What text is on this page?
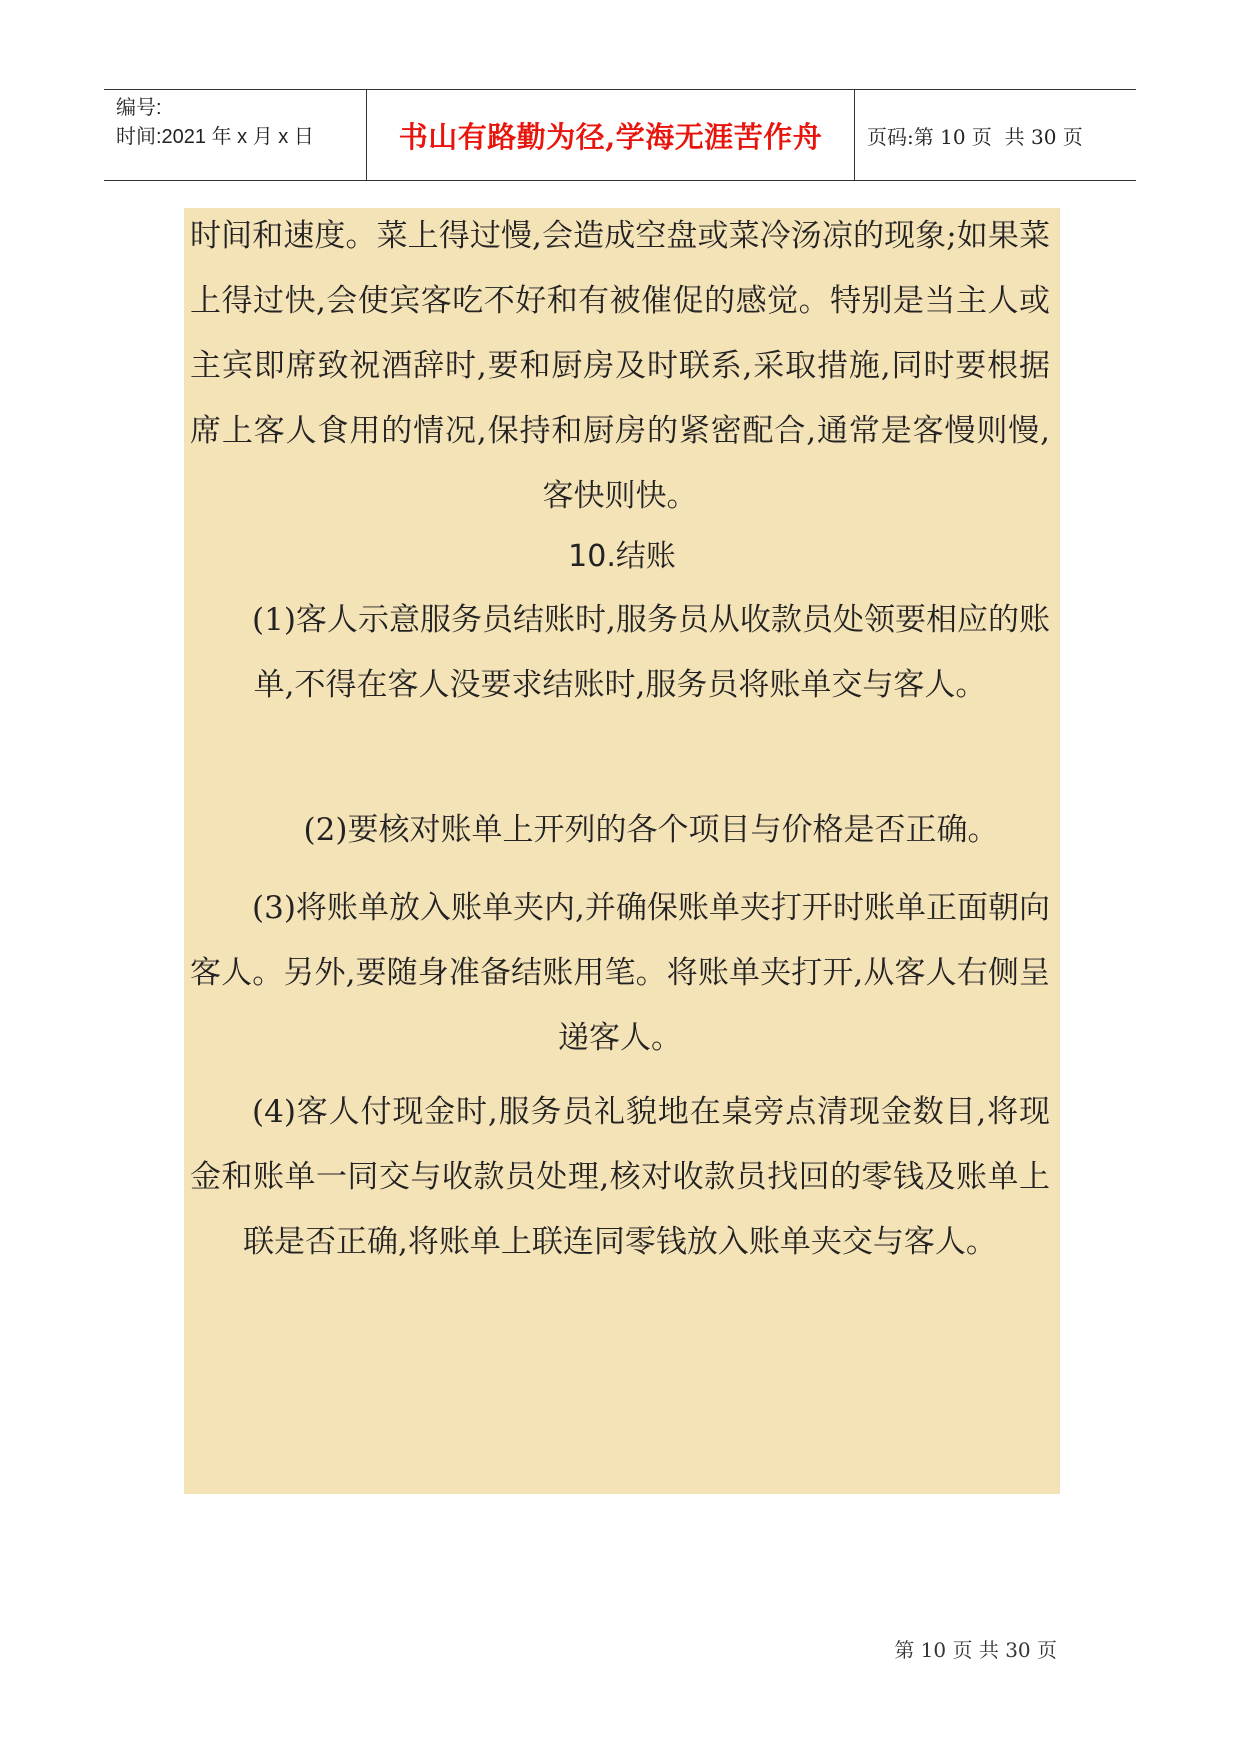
编号:
时间:2021 年 x 月 x 日	书山有路勤为径,学海无涯苦作舟	页码:第 10 页  共 30 页
时间和速度。菜上得过慢,会造成空盘或菜冷汤凉的现象;如果菜上得过快,会使宾客吃不好和有被催促的感觉。特别是当主人或主宾即席致祝酒辞时,要和厨房及时联系,采取措施,同时要根据席上客人食用的情况,保持和厨房的紧密配合,通常是客慢则慢,客快则快。
10.结账
(1)客人示意服务员结账时,服务员从收款员处领要相应的账单,不得在客人没要求结账时,服务员将账单交与客人。
(2)要核对账单上开列的各个项目与价格是否正确。
(3)将账单放入账单夹内,并确保账单夹打开时账单正面朝向客人。另外,要随身准备结账用笔。将账单夹打开,从客人右侧呈递客人。
(4)客人付现金时,服务员礼貌地在桌旁点清现金数目,将现金和账单一同交与收款员处理,核对收款员找回的零钱及账单上联是否正确,将账单上联连同零钱放入账单夹交与客人。
第 10 页 共 30 页
